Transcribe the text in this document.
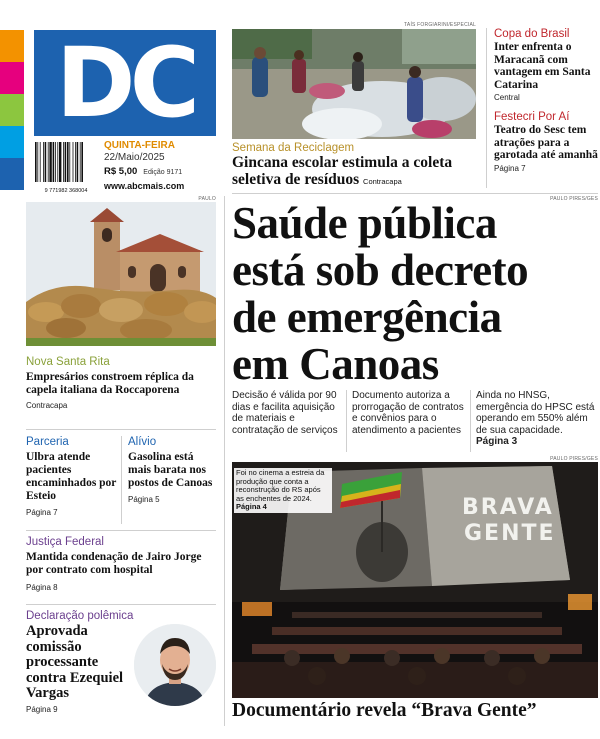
DC
9 771982 368004
QUINTA-FEIRA
22/Maio/2025
R$ 5,00 Edição 9171
www.abcmais.com
TAÍS FORGIARINI/ESPECIAL
Semana da Reciclagem
Gincana escolar estimula a coleta seletiva de resíduos Contracapa
Copa do Brasil
Inter enfrenta o Maracanã com vantagem em Santa Catarina
Central
Festecri Por Aí
Teatro do Sesc tem atrações para a garotada até amanhã
Página 7
PAULO
Nova Santa Rita
Empresários constroem réplica da capela italiana da Roccaporena
Contracapa
Parceria
Ulbra atende pacientes encaminhados por Esteio
Página 7
Alívio
Gasolina está mais barata nos postos de Canoas
Página 5
Justiça Federal
Mantida condenação de Jairo Jorge por contrato com hospital
Página 8
Declaração polêmica
Aprovada comissão processante contra Ezequiel Vargas
Página 9
PAULO PIRES/GES
Saúde pública
está sob decreto
de emergência
em Canoas
Decisão é válida por 90 dias e facilita aquisição de materiais e contratação de serviços
Documento autoriza a prorrogação de contratos e convênios para o atendimento a pacientes
Ainda no HNSG, emergência do HPSC está operando em 550% além de sua capacidade. Página 3
PAULO PIRES/GES
BRAVA
GENTE
Foi no cinema a estreia da produção que conta a reconstrução do RS após as enchentes de 2024. Página 4
Documentário revela “Brava Gente”
